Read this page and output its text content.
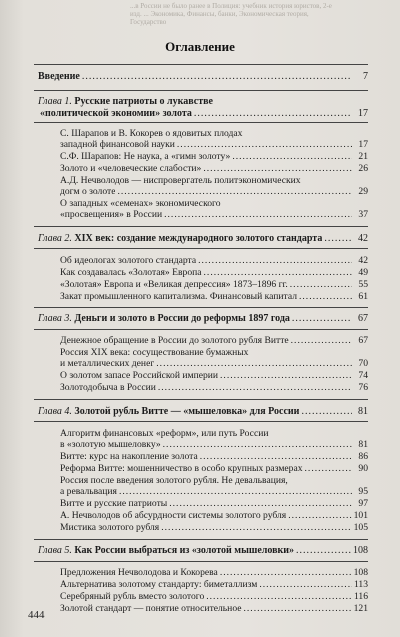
...в России не было ранее в Полиция: учебник история юристов, 2-е изд. ... Экономика, Финансы, банки, Экономическая теория, Государство
Оглавление
Введение .....	7
Глава 1. Русские патриоты о лукавстве
«политической экономии» золота .....	17
С. Шарапов и В. Кокорев о ядовитых плодах
западной финансовой науки .....	17
С.Ф. Шарапов: Не наука, а «гимн золоту» .....	21
Золото и «человеческие слабости» .....	26
А.Д. Нечволодов — ниспровергатель политэкономических
догм о золоте .....	29
О западных «семенах» экономического
«просвещения» в России .....	37
Глава 2. XIX век: создание международного золотого стандарта .....	42
Об идеологах золотого стандарта .....	42
Как создавалась «Золотая» Европа .....	49
«Золотая» Европа и «Великая депрессия» 1873–1896 гг. .....	55
Закат промышленного капитализма. Финансовый капитал .....	61
Глава 3. Деньги и золото в России до реформы 1897 года .....	67
Денежное обращение в России до золотого рубля Витте .....	67
Россия XIX века: сосуществование бумажных
и металлических денег .....	70
О золотом запасе Российской империи .....	74
Золотодобыча в России .....	76
Глава 4. Золотой рубль Витте — «мышеловка» для России .....	81
Алгоритм финансовых «реформ», или путь России
в «золотую мышеловку» .....	81
Витте: курс на накопление золота .....	86
Реформа Витте: мошенничество в особо крупных размерах .....	90
Россия после введения золотого рубля. Не девальвация,
а ревальвация .....	95
Витте и русские патриоты .....	97
А. Нечволодов об абсурдности системы золотого рубля .....	101
Мистика золотого рубля .....	105
Глава 5. Как России выбраться из «золотой мышеловки» .....	108
Предложения Нечволодова и Кокорева .....	108
Альтернатива золотому стандарту: биметаллизм .....	113
Серебряный рубль вместо золотого .....	116
Золотой стандарт — понятие относительное .....	121
444
